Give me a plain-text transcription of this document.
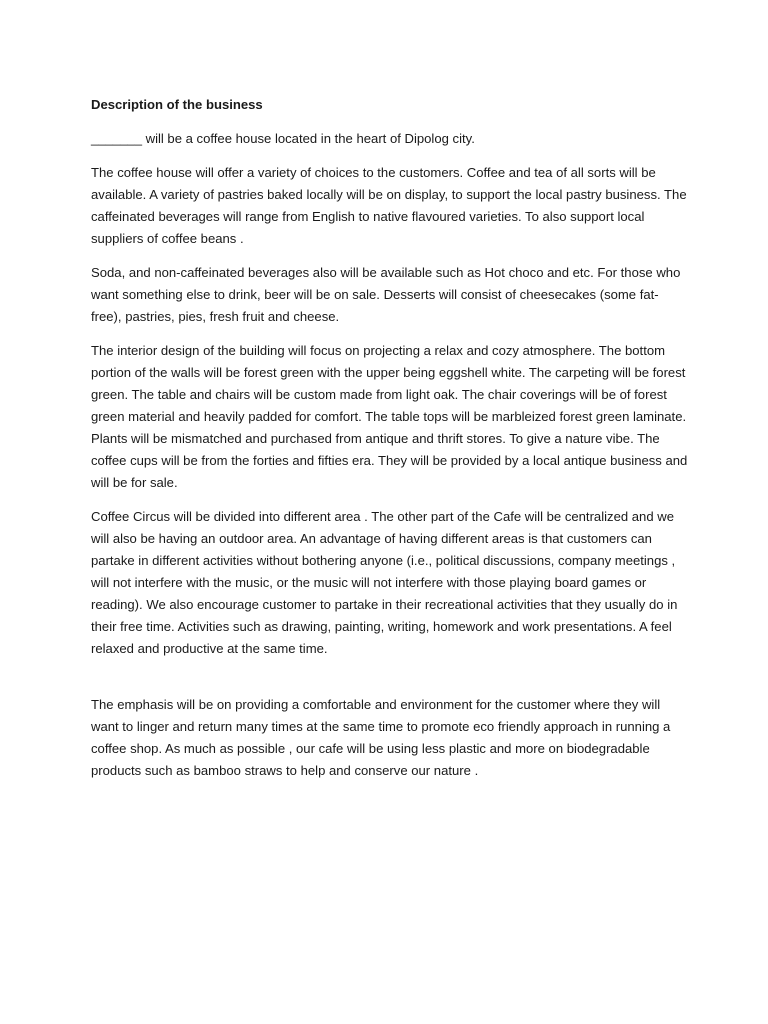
Description of the business

_______ will be a coffee house located in the heart of Dipolog city.

The coffee house will offer a variety of choices to the customers. Coffee and tea of all sorts will be available. A variety of pastries baked locally will be on display, to support the local pastry business. The caffeinated beverages will range from English to native flavoured varieties. To also support local suppliers of coffee beans .

Soda, and non-caffeinated beverages also will be available such as Hot choco and etc. For those who want something else to drink, beer will be on sale. Desserts will consist of cheesecakes (some fat-free), pastries, pies, fresh fruit and cheese.

The interior design of the building will focus on projecting a relax and cozy atmosphere. The bottom portion of the walls will be forest green with the upper being eggshell white. The carpeting will be forest green. The table and chairs will be custom made from light oak. The chair coverings will be of forest green material and heavily padded for comfort. The table tops will be marbleized forest green laminate. Plants will be mismatched and purchased from antique and thrift stores. To give a nature vibe. The coffee cups will be from the forties and fifties era. They will be provided by a local antique business and will be for sale.

Coffee Circus will be divided into different area . The other part of the Cafe will be centralized and we will also be having an outdoor area. An advantage of having different areas is that customers can partake in different activities without bothering anyone (i.e., political discussions, company meetings , will not interfere with the music, or the music will not interfere with those playing board games or reading). We also encourage customer to partake in their recreational activities that they usually do in their free time. Activities such as drawing, painting, writing, homework and work presentations. A feel relaxed and productive at the same time.

The emphasis will be on providing a comfortable and environment for the customer where they will want to linger and return many times at the same time to promote eco friendly approach in running a coffee shop. As much as possible , our cafe will be using less plastic and more on biodegradable products such as bamboo straws to help and conserve our nature .
